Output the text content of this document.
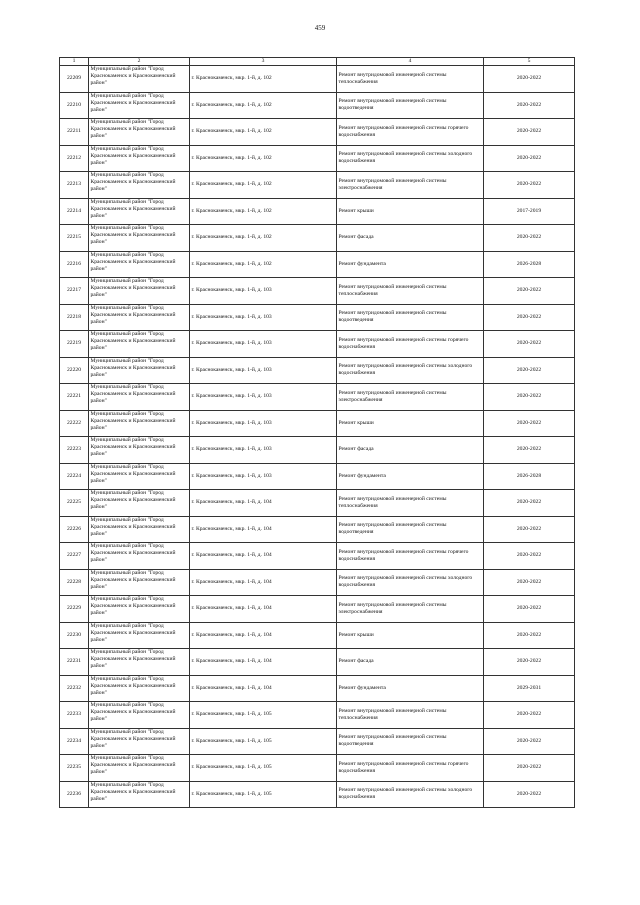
459
1	2	3	4	5
22209	Муниципальный район "Город Краснокаменск и Краснокаменский район"	г. Краснокаменск, мкр. 1-й, д. 102	Ремонт внутридомовой инженерной системы теплоснабжения	2020-2022
22210	Муниципальный район "Город Краснокаменск и Краснокаменский район"	г. Краснокаменск, мкр. 1-й, д. 102	Ремонт внутридомовой инженерной системы водоотведения	2020-2022
22211	Муниципальный район "Город Краснокаменск и Краснокаменский район"	г. Краснокаменск, мкр. 1-й, д. 102	Ремонт внутридомовой инженерной системы горячего водоснабжения	2020-2022
22212	Муниципальный район "Город Краснокаменск и Краснокаменский район"	г. Краснокаменск, мкр. 1-й, д. 102	Ремонт внутридомовой инженерной системы холодного водоснабжения	2020-2022
22213	Муниципальный район "Город Краснокаменск и Краснокаменский район"	г. Краснокаменск, мкр. 1-й, д. 102	Ремонт внутридомовой инженерной системы электроснабжения	2020-2022
22214	Муниципальный район "Город Краснокаменск и Краснокаменский район"	г. Краснокаменск, мкр. 1-й, д. 102	Ремонт крыши	2017-2019
22215	Муниципальный район "Город Краснокаменск и Краснокаменский район"	г. Краснокаменск, мкр. 1-й, д. 102	Ремонт фасада	2020-2022
22216	Муниципальный район "Город Краснокаменск и Краснокаменский район"	г. Краснокаменск, мкр. 1-й, д. 102	Ремонт фундамента	2026-2028
22217	Муниципальный район "Город Краснокаменск и Краснокаменский район"	г. Краснокаменск, мкр. 1-й, д. 103	Ремонт внутридомовой инженерной системы теплоснабжения	2020-2022
22218	Муниципальный район "Город Краснокаменск и Краснокаменский район"	г. Краснокаменск, мкр. 1-й, д. 103	Ремонт внутридомовой инженерной системы водоотведения	2020-2022
22219	Муниципальный район "Город Краснокаменск и Краснокаменский район"	г. Краснокаменск, мкр. 1-й, д. 103	Ремонт внутридомовой инженерной системы горячего водоснабжения	2020-2022
22220	Муниципальный район "Город Краснокаменск и Краснокаменский район"	г. Краснокаменск, мкр. 1-й, д. 103	Ремонт внутридомовой инженерной системы холодного водоснабжения	2020-2022
22221	Муниципальный район "Город Краснокаменск и Краснокаменский район"	г. Краснокаменск, мкр. 1-й, д. 103	Ремонт внутридомовой инженерной системы электроснабжения	2020-2022
22222	Муниципальный район "Город Краснокаменск и Краснокаменский район"	г. Краснокаменск, мкр. 1-й, д. 103	Ремонт крыши	2020-2022
22223	Муниципальный район "Город Краснокаменск и Краснокаменский район"	г. Краснокаменск, мкр. 1-й, д. 103	Ремонт фасада	2020-2022
22224	Муниципальный район "Город Краснокаменск и Краснокаменский район"	г. Краснокаменск, мкр. 1-й, д. 103	Ремонт фундамента	2026-2028
22225	Муниципальный район "Город Краснокаменск и Краснокаменский район"	г. Краснокаменск, мкр. 1-й, д. 104	Ремонт внутридомовой инженерной системы теплоснабжения	2020-2022
22226	Муниципальный район "Город Краснокаменск и Краснокаменский район"	г. Краснокаменск, мкр. 1-й, д. 104	Ремонт внутридомовой инженерной системы водоотведения	2020-2022
22227	Муниципальный район "Город Краснокаменск и Краснокаменский район"	г. Краснокаменск, мкр. 1-й, д. 104	Ремонт внутридомовой инженерной системы горячего водоснабжения	2020-2022
22228	Муниципальный район "Город Краснокаменск и Краснокаменский район"	г. Краснокаменск, мкр. 1-й, д. 104	Ремонт внутридомовой инженерной системы холодного водоснабжения	2020-2022
22229	Муниципальный район "Город Краснокаменск и Краснокаменский район"	г. Краснокаменск, мкр. 1-й, д. 104	Ремонт внутридомовой инженерной системы электроснабжения	2020-2022
22230	Муниципальный район "Город Краснокаменск и Краснокаменский район"	г. Краснокаменск, мкр. 1-й, д. 104	Ремонт крыши	2020-2022
22231	Муниципальный район "Город Краснокаменск и Краснокаменский район"	г. Краснокаменск, мкр. 1-й, д. 104	Ремонт фасада	2020-2022
22232	Муниципальный район "Город Краснокаменск и Краснокаменский район"	г. Краснокаменск, мкр. 1-й, д. 104	Ремонт фундамента	2029-2031
22233	Муниципальный район "Город Краснокаменск и Краснокаменский район"	г. Краснокаменск, мкр. 1-й, д. 105	Ремонт внутридомовой инженерной системы теплоснабжения	2020-2022
22234	Муниципальный район "Город Краснокаменск и Краснокаменский район"	г. Краснокаменск, мкр. 1-й, д. 105	Ремонт внутридомовой инженерной системы водоотведения	2020-2022
22235	Муниципальный район "Город Краснокаменск и Краснокаменский район"	г. Краснокаменск, мкр. 1-й, д. 105	Ремонт внутридомовой инженерной системы горячего водоснабжения	2020-2022
22236	Муниципальный район "Город Краснокаменск и Краснокаменский район"	г. Краснокаменск, мкр. 1-й, д. 105	Ремонт внутридомовой инженерной системы холодного водоснабжения	2020-2022
